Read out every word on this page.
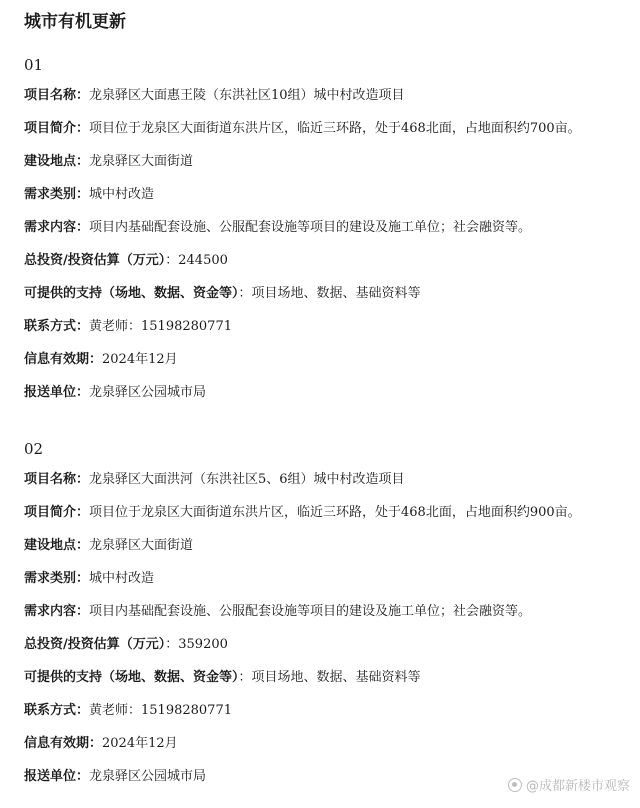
城市有机更新
01
项目名称：龙泉驿区大面惠王陵（东洪社区10组）城中村改造项目
项目简介：项目位于龙泉区大面街道东洪片区，临近三环路，处于468北面，占地面积约700亩。
建设地点：龙泉驿区大面街道
需求类别：城中村改造
需求内容：项目内基础配套设施、公服配套设施等项目的建设及施工单位；社会融资等。
总投资/投资估算（万元）：244500
可提供的支持（场地、数据、资金等）：项目场地、数据、基础资料等
联系方式：黄老师：15198280771
信息有效期：2024年12月
报送单位：龙泉驿区公园城市局
02
项目名称：龙泉驿区大面洪河（东洪社区5、6组）城中村改造项目
项目简介：项目位于龙泉区大面街道东洪片区，临近三环路，处于468北面，占地面积约900亩。
建设地点：龙泉驿区大面街道
需求类别：城中村改造
需求内容：项目内基础配套设施、公服配套设施等项目的建设及施工单位；社会融资等。
总投资/投资估算（万元）：359200
可提供的支持（场地、数据、资金等）：项目场地、数据、基础资料等
联系方式：黄老师：15198280771
信息有效期：2024年12月
报送单位：龙泉驿区公园城市局
@成都新楼市观察
